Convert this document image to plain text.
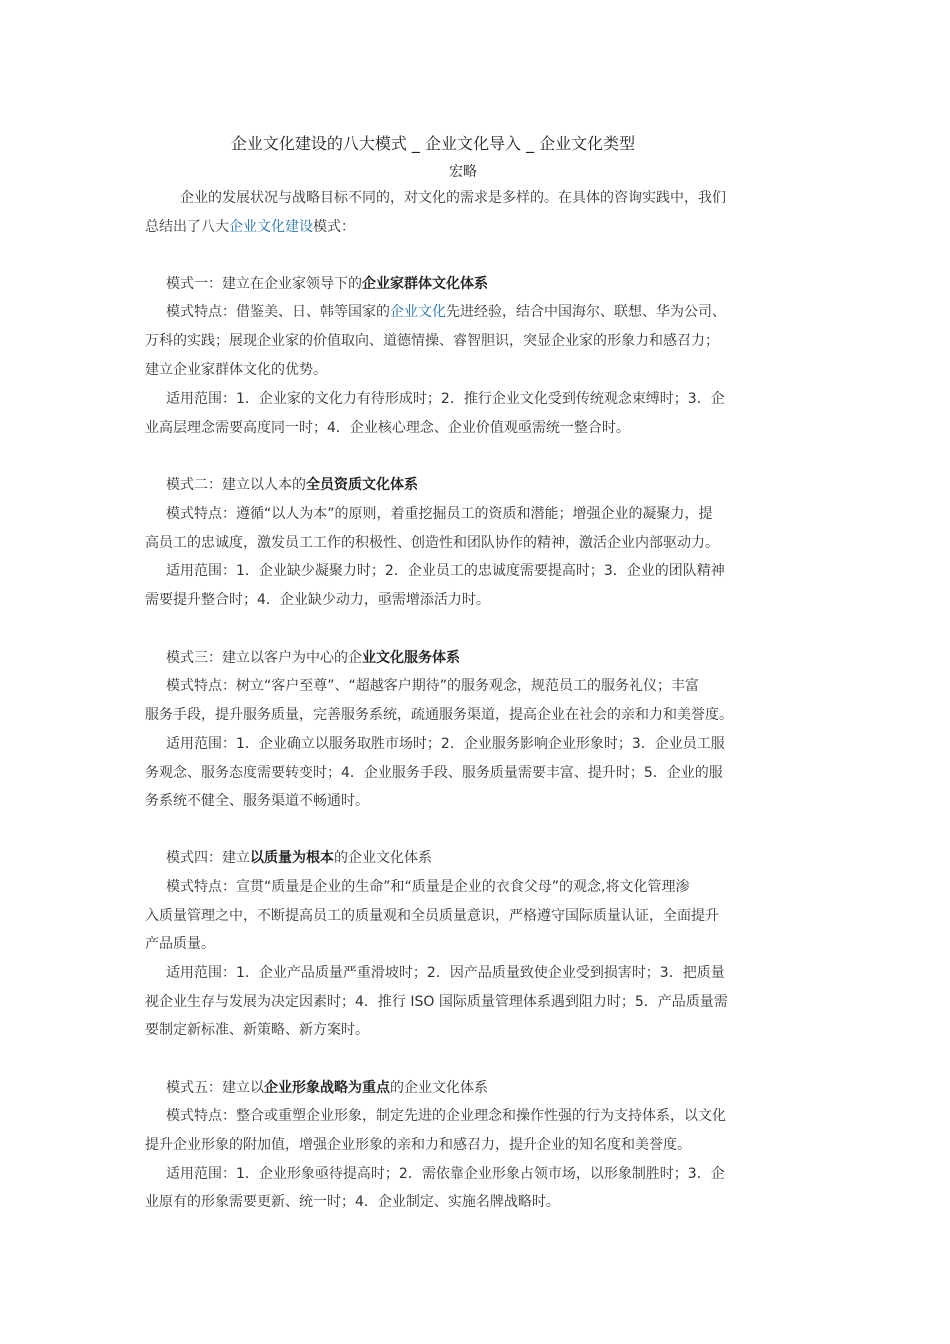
企业文化建设的八大模式 _ 企业文化导入 _ 企业文化类型
宏略
企业的发展状况与战略目标不同的，对文化的需求是多样的。在具体的咨询实践中，我们
总结出了八大企业文化建设模式：
模式一：建立在企业家领导下的企业家群体文化体系
模式特点：借鉴美、日、韩等国家的企业文化先进经验，结合中国海尔、联想、华为公司、
万科的实践；展现企业家的价值取向、道德情操、睿智胆识，突显企业家的形象力和感召力；
建立企业家群体文化的优势。
适用范围：1．企业家的文化力有待形成时；2．推行企业文化受到传统观念束缚时；3．企
业高层理念需要高度同一时；4．企业核心理念、企业价值观亟需统一整合时。
模式二：建立以人本的全员资质文化体系
模式特点：遵循“以人为本”的原则，着重挖掘员工的资质和潜能；增强企业的凝聚力，提
高员工的忠诚度，激发员工工作的积极性、创造性和团队协作的精神，激活企业内部驱动力。
适用范围：1．企业缺少凝聚力时；2．企业员工的忠诚度需要提高时；3．企业的团队精神
需要提升整合时；4．企业缺少动力，亟需增添活力时。
模式三：建立以客户为中心的企业文化服务体系
模式特点：树立“客户至尊”、“超越客户期待”的服务观念，规范员工的服务礼仪；丰富
服务手段，提升服务质量，完善服务系统，疏通服务渠道，提高企业在社会的亲和力和美誉度。
适用范围：1．企业确立以服务取胜市场时；2．企业服务影响企业形象时；3．企业员工服
务观念、服务态度需要转变时；4．企业服务手段、服务质量需要丰富、提升时；5．企业的服
务系统不健全、服务渠道不畅通时。
模式四：建立以质量为根本的企业文化体系
模式特点：宣贯“质量是企业的生命”和“质量是企业的衣食父母”的观念,将文化管理渗
入质量管理之中，不断提高员工的质量观和全员质量意识，严格遵守国际质量认证，全面提升
产品质量。
适用范围：1．企业产品质量严重滑坡时；2．因产品质量致使企业受到损害时；3．把质量
视企业生存与发展为决定因素时；4．推行 ISO 国际质量管理体系遇到阻力时；5．产品质量需
要制定新标准、新策略、新方案时。
模式五：建立以企业形象战略为重点的企业文化体系
模式特点：整合或重塑企业形象，制定先进的企业理念和操作性强的行为支持体系，以文化
提升企业形象的附加值，增强企业形象的亲和力和感召力，提升企业的知名度和美誉度。
适用范围：1．企业形象亟待提高时；2．需依靠企业形象占领市场，以形象制胜时；3．企
业原有的形象需要更新、统一时；4．企业制定、实施名牌战略时。
